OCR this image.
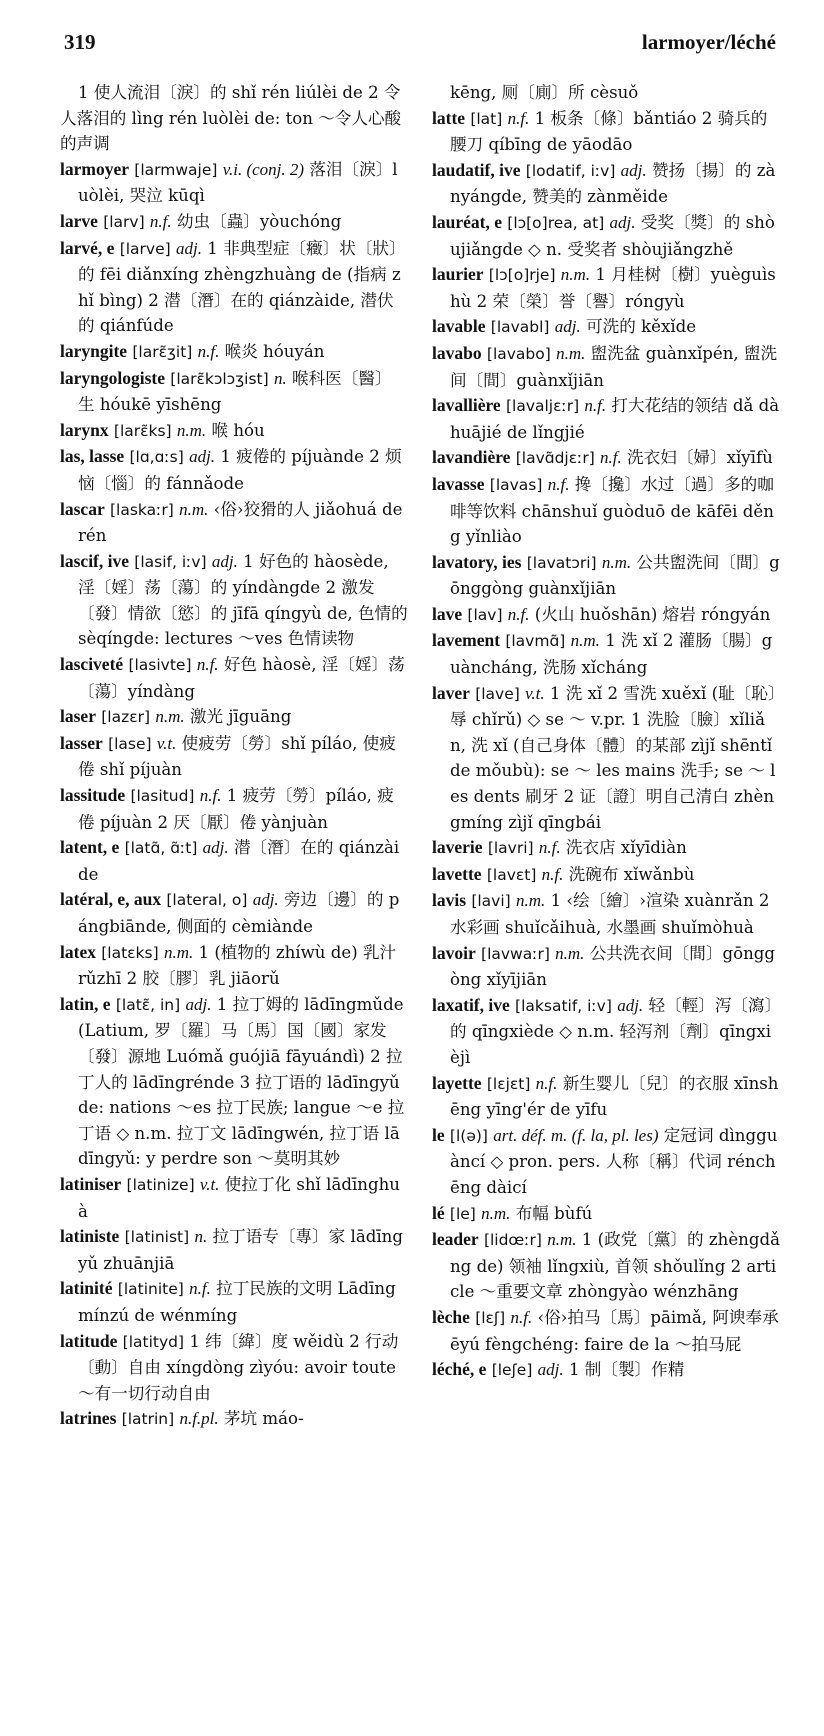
319	larmoyer/léché
1 使人流泪〔淚〕的 shǐ rén liúlèi de 2 令人落泪的 lìng rén luòlèi de: ton ～令人心酸的声调
larmoyer [larmwaje] v.i. (conj. 2) 落泪〔淚〕luòlèi, 哭泣 kūqì
larve [larv] n.f. 幼虫〔蟲〕yòuchóng
larvé, e [larve] adj. 1 非典型症〔癥〕状〔狀〕的 fēi diǎnxíng zhèngzhuàng de (指病 zhǐ bìng) 2 潜〔潛〕在的 qiánzàide, 潜伏的 qiánfúde
laryngite [larɛ̃ʒit] n.f. 喉炎 hóuyán
laryngologiste [larɛ̃kɔlɔʒist] n. 喉科医〔醫〕生 hóukē yīshēng
larynx [larɛ̃ks] n.m. 喉 hóu
las, lasse [lɑ,ɑːs] adj. 1 疲倦的 píjuànde 2 烦恼〔惱〕的 fánnǎode
lascar [laskaːr] n.m. ‹俗›狡猾的人 jiǎohuá de rén
lascif, ive [lasif, iːv] adj. 1 好色的 hàosède, 淫〔婬〕荡〔蕩〕的 yíndàngde 2 激发〔發〕情欲〔慾〕的 jīfā qíngyù de, 色情的 sèqíngde: lectures ～ves 色情读物
lasciveté [lasivte] n.f. 好色 hàosè, 淫〔婬〕荡〔蕩〕yíndàng
laser [lazɛr] n.m. 激光 jīguāng
lasser [lase] v.t. 使疲劳〔勞〕shǐ píláo, 使疲倦 shǐ píjuàn
lassitude [lasitud] n.f. 1 疲劳〔勞〕píláo, 疲倦 píjuàn 2 厌〔厭〕倦 yànjuàn
latent, e [latɑ̃, ɑ̃ːt] adj. 潜〔潛〕在的 qiánzàide
latéral, e, aux [lateral, o] adj. 旁边〔邊〕的 pángbiānde, 侧面的 cèmiànde
latex [latɛks] n.m. 1 (植物的 zhíwù de) 乳汁 rǔzhī 2 胶〔膠〕乳 jiāorǔ
latin, e [latɛ̃, in] adj. 1 拉丁姆的 lādīngmǔde (Latium, 罗〔羅〕马〔馬〕国〔國〕家发〔發〕源地 Luómǎ guójiā fāyuándì) 2 拉丁人的 lādīngrénde 3 拉丁语的 lādīngyǔde: nations ～es 拉丁民族; langue ～e 拉丁语 ◇ n.m. 拉丁文 lādīngwén, 拉丁语 lādīngyǔ: y perdre son ～莫明其妙
latiniser [latinize] v.t. 使拉丁化 shǐ lādīnghuà
latiniste [latinist] n. 拉丁语专〔專〕家 lādīngyǔ zhuānjiā
latinité [latinite] n.f. 拉丁民族的文明 Lādīng mínzú de wénmíng
latitude [latityd] 1 纬〔緯〕度 wěidù 2 行动〔動〕自由 xíngdòng zìyóu: avoir toute ～有一切行动自由
latrines [latrin] n.f.pl. 茅坑 máo-
kēng, 厕〔廁〕所 cèsuǒ
latte [lat] n.f. 1 板条〔條〕bǎntiáo 2 骑兵的腰刀 qíbīng de yāodāo
laudatif, ive [lodatif, iːv] adj. 赞扬〔揚〕的 zànyángde, 赞美的 zànměide
lauréat, e [lɔ[o]rea, at] adj. 受奖〔獎〕的 shòujiǎngde ◇ n. 受奖者 shòujiǎngzhě
laurier [lɔ[o]rje] n.m. 1 月桂树〔樹〕yuèguìshù 2 荣〔榮〕誉〔譽〕róngyù
lavable [lavabl] adj. 可洗的 kěxǐde
lavabo [lavabo] n.m. 盥洗盆 guànxǐpén, 盥洗间〔間〕guànxǐjiān
lavallière [lavaljɛːr] n.f. 打大花结的领结 dǎ dàhuājié de lǐngjié
lavandière [lavɑ̃djɛːr] n.f. 洗衣妇〔婦〕xǐyīfù
lavasse [lavas] n.f. 搀〔攙〕水过〔過〕多的咖啡等饮料 chānshuǐ guòduō de kāfēi děng yǐnliào
lavatory, ies [lavatɔri] n.m. 公共盥洗间〔間〕gōnggòng guànxǐjiān
lave [lav] n.f. (火山 huǒshān) 熔岩 róngyán
lavement [lavmɑ̃] n.m. 1 洗 xǐ 2 灌肠〔腸〕guàncháng, 洗肠 xǐcháng
laver [lave] v.t. 1 洗 xǐ 2 雪洗 xuěxǐ (耻〔恥〕辱 chǐrǔ) ◇ se ～ v.pr. 1 洗脸〔臉〕xǐliǎn, 洗 xǐ (自己身体〔體〕的某部 zìjǐ shēntǐ de mǒubù): se ～ les mains 洗手; se ～ les dents 刷牙 2 证〔證〕明自己清白 zhèngmíng zìjǐ qīngbái
laverie [lavri] n.f. 洗衣店 xǐyīdiàn
lavette [lavɛt] n.f. 洗碗布 xǐwǎnbù
lavis [lavi] n.m. 1 ‹绘〔繪〕›渲染 xuànrǎn 2 水彩画 shuǐcǎihuà, 水墨画 shuǐmòhuà
lavoir [lavwaːr] n.m. 公共洗衣间〔間〕gōnggòng xǐyījiān
laxatif, ive [laksatif, iːv] adj. 轻〔輕〕泻〔瀉〕的 qīngxiède ◇ n.m. 轻泻剂〔劑〕qīngxièjì
layette [lɛjɛt] n.f. 新生婴儿〔兒〕的衣服 xīnshēng yīng'ér de yīfu
le [l(ə)] art. déf. m. (f. la, pl. les) 定冠词 dìngguàncí ◇ pron. pers. 人称〔稱〕代词 rénchēng dàicí
lé [le] n.m. 布幅 bùfú
leader [lidœːr] n.m. 1 (政党〔黨〕的 zhèngdǎng de) 领袖 lǐngxiù, 首领 shǒulǐng 2 article ～重要文章 zhòngyào wénzhāng
lèche [lɛʃ] n.f. ‹俗›拍马〔馬〕pāimǎ, 阿谀奉承 ēyú fèngchéng: faire de la ～拍马屁
léché, e [leʃe] adj. 1 制〔製〕作精
